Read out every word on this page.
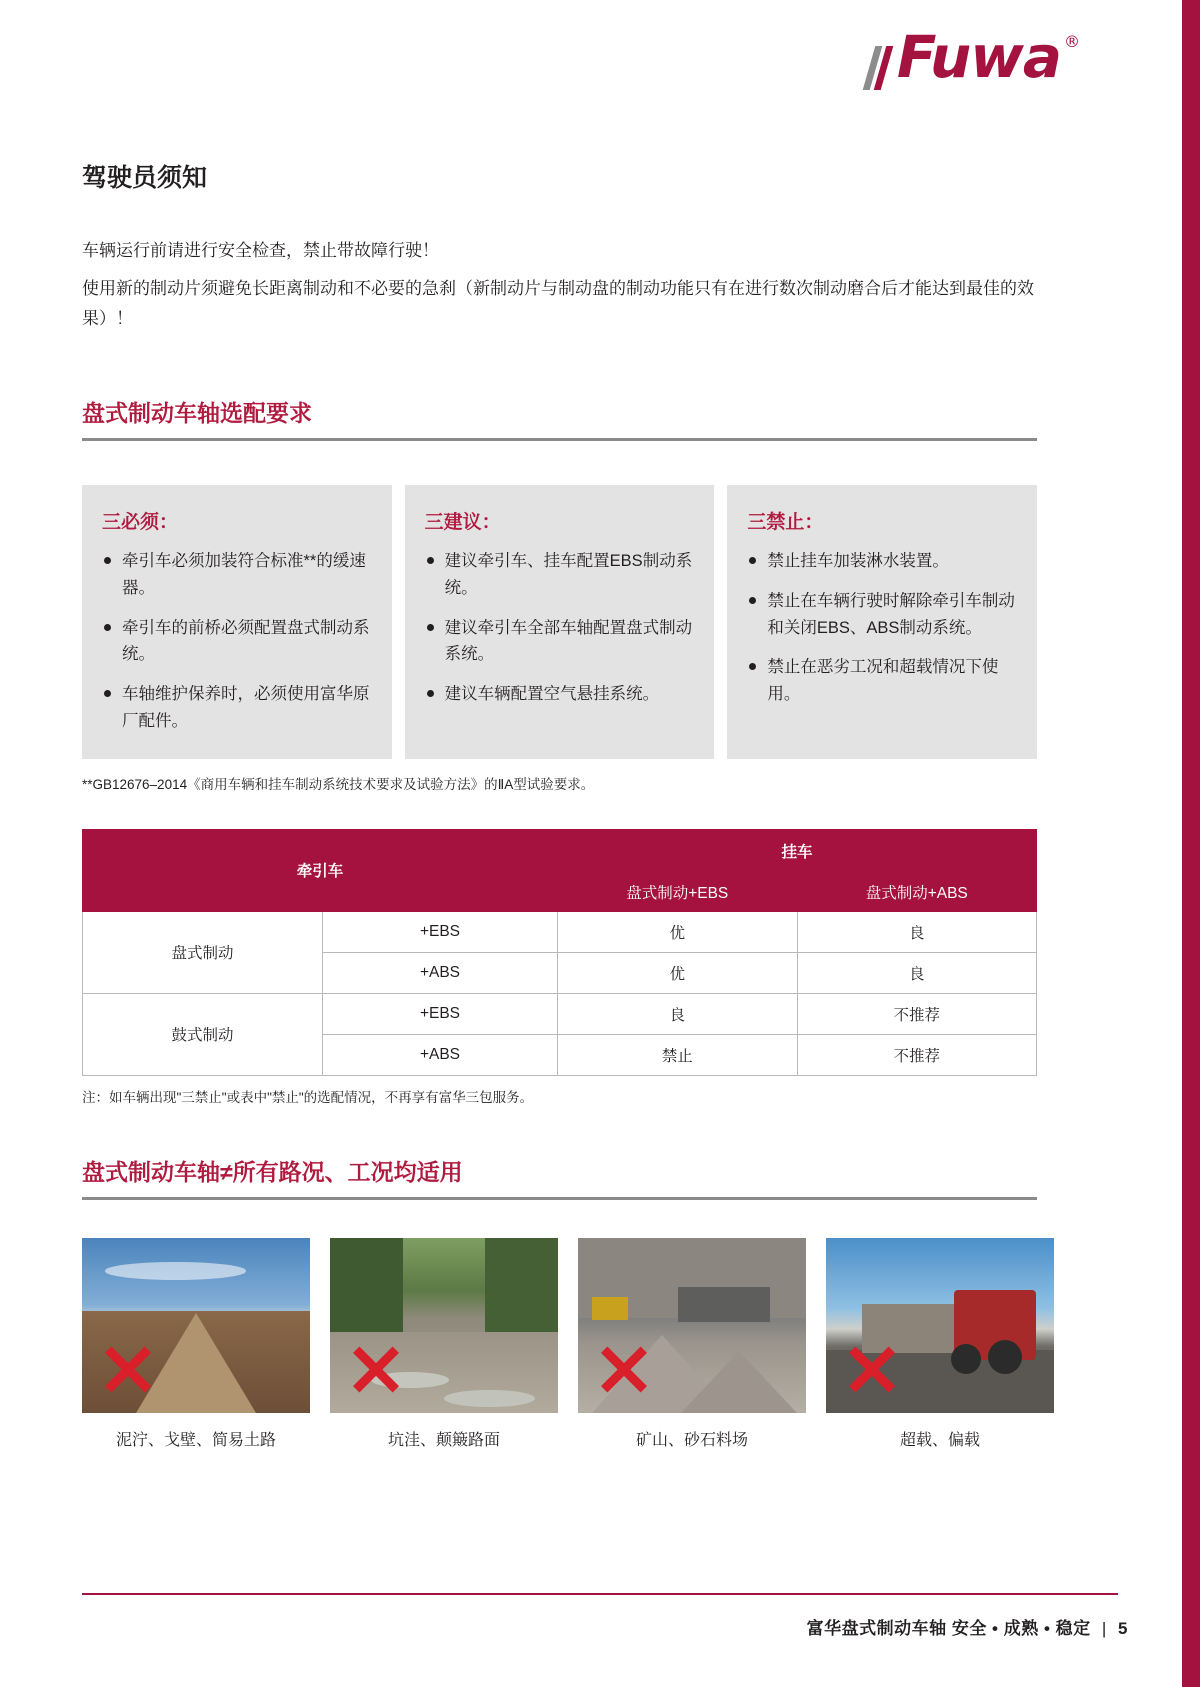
Fuwa ®
驾驶员须知

车辆运行前请进行安全检查，禁止带故障行驶！

使用新的制动片须避免长距离制动和不必要的急刹（新制动片与制动盘的制动功能只有在进行数次制动磨合后才能达到最佳的效果）！

盘式制动车轴选配要求
三必须：
牵引车必须加装符合标准**的缓速器。
牵引车的前桥必须配置盘式制动系统。
车轴维护保养时，必须使用富华原厂配件。
三建议：
建议牵引车、挂车配置EBS制动系统。
建议牵引车全部车轴配置盘式制动系统。
建议车辆配置空气悬挂系统。
三禁止：
禁止挂车加装淋水装置。
禁止在车辆行驶时解除牵引车制动和关闭EBS、ABS制动系统。
禁止在恶劣工况和超载情况下使用。
**GB12676–2014《商用车辆和挂车制动系统技术要求及试验方法》的ⅡA型试验要求。
牵引车		挂车	
		盘式制动+EBS	盘式制动+ABS
盘式制动	+EBS	优	良
	+ABS	优	良
鼓式制动	+EBS	良	不推荐
	+ABS	禁止	不推荐
注：如车辆出现"三禁止"或表中"禁止"的选配情况，不再享有富华三包服务。
盘式制动车轴≠所有路况、工况均适用
泥泞、戈壁、简易土路	坑洼、颠簸路面	矿山、砂石料场	超载、偏载
富华盘式制动车轴 安全 • 成熟 • 稳定 | 5
